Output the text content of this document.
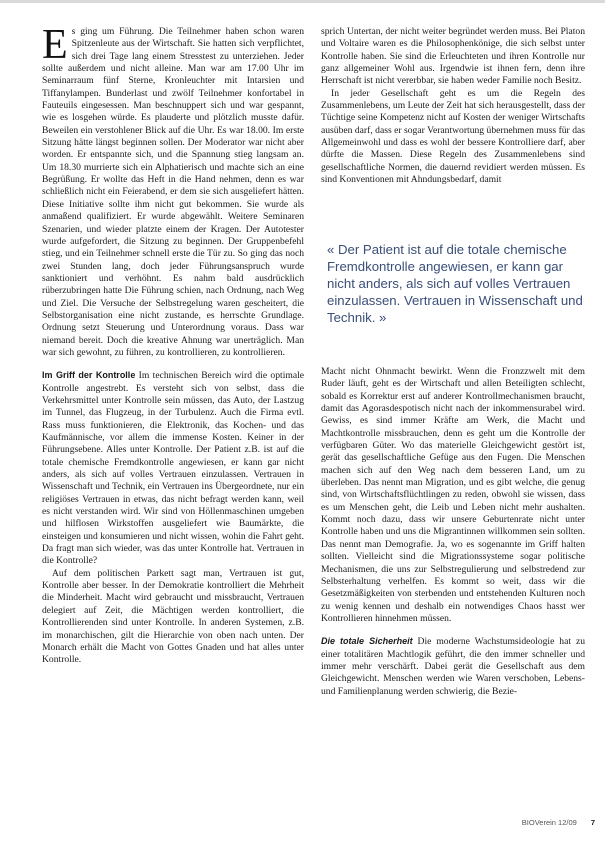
Es ging um Führung. Die Teilnehmer haben schon waren Spitzenleute aus der Wirtschaft. Sie hatten sich verpflichtet, sich drei Tage lang einem Stresstest zu unterziehen. Jeder sollte außerdem und nicht alleine. Man war am 17.00 Uhr im Seminarraum fünf Sterne, Kronleuchter mit Intarsien und Tiffanylampen. Bunderlast und zwölf Teilnehmer konfortabel in Fauteuils eingesessen. Man beschnuppert sich und war gespannt, wie es losgehen würde. Es plauderte und plötzlich musste dafür. Beweilen ein verstohlener Blick auf die Uhr. Es war 18.00. Im erste Sitzung hätte längst beginnen sollen. Der Moderator war nicht aber worden. Er entspannte sich, und die Spannung stieg langsam an. Um 18.30 murrierte sich ein Alphatierisch und machte sich an eine Begrüßung. Er wollte das Heft in die Hand nehmen, denn es war schließlich nicht ein Feierabend, er dem sie sich ausgeliefert hätten. Diese Initiative sollte ihm nicht gut bekommen. Sie wurde als anmaßend qualifiziert. Er wurde abgewählt. Weitere Seminaren Szenarien, und wieder platzte einem der Kragen. Der Autotester wurde aufgefordert, die Sitzung zu beginnen. Der Gruppenbefehl stieg, und ein Teilnehmer schnell erste die Tür zu. So ging das noch zwei Stunden lang, doch jeder Führungsanspruch wurde sanktioniert und verhöhnt. Es nahm bald ausdrücklich rüberzubringen hatte Die Führung schien, nach Ordnung, nach Weg und Ziel. Die Versuche der Selbstregelung waren gescheitert, die Selbstorganisation eine nicht zustande, es herrschte Grundlage. Ordnung setzt Steuerung und Unterordnung voraus. Dass war niemand bereit. Doch die kreative Ahnung war unerträglich. Man war sich gewohnt, zu führen, zu kontrollieren, zu kontrollieren.

Im Griff der Kontrolle Im technischen Bereich wird die optimale Kontrolle angestrebt. Es versteht sich von selbst, dass die Verkehrsmittel unter Kontrolle sein müssen, das Auto, der Lastzug im Tunnel, das Flugzeug, in der Turbulenz. Auch die Firma evtl. Rass muss funktionieren, die Elektronik, das Kochen- und das Kaufmännische, vor allem die immense Kosten. Keiner in der Führungsebene. Alles unter Kontrolle. Der Patient z.B. ist auf die totale chemische Fremdkontrolle angewiesen, er kann gar nicht anders, als sich auf volles Vertrauen einzulassen. Vertrauen in Wissenschaft und Technik, ein Vertrauen ins Übergeordnete, nur ein religiöses Vertrauen in etwas, das nicht befragt werden kann, weil es nicht verstanden wird. Wir sind von Höllenmaschinen umgeben und hilflosen Wirkstoffen ausgeliefert wie Baumärkte, die einsteigen und konsumieren und nicht wissen, wohin die Fahrt geht. Da fragt man sich wieder, was das unter Kontrolle hat. Vertrauen in die Kontrolle?

Auf dem politischen Parkett sagt man, Vertrauen ist gut, Kontrolle aber besser. In der Demokratie kontrolliert die Mehrheit die Minderheit. Macht wird gebraucht und missbraucht, Vertrauen delegiert auf Zeit, die Mächtigen werden kontrolliert, die Kontrollierenden sind unter Kontrolle. In anderen Systemen, z.B. im monarchischen, gilt die Hierarchie von oben nach unten. Der Monarch erhält die Macht von Gottes Gnaden und hat alles unter Kontrolle.

sprich Untertan, der nicht weiter begründet werden muss. Bei Platon und Voltaire waren es die Philosophenkönige, die sich selbst unter Kontrolle haben. Sie sind die Erleuchteten und ihren Kontrolle nur ganz allgemeiner Wohl aus. Irgendwie ist ihnen fern, denn ihre Herrschaft ist nicht vererbbar, sie haben weder Familie noch Besitz.

In jeder Gesellschaft geht es um die Regeln des Zusammenlebens, um Leute der Zeit hat sich herausgestellt, dass der Tüchtige seine Kompetenz nicht auf Kosten der weniger Wirtschafts ausüben darf, dass er sogar Verantwortung übernehmen muss für das Allgemeinwohl und dass es wohl der bessere Kontrolliere darf, aber dürfte die Massen. Diese Regeln des Zusammenlebens sind gesellschaftliche Normen, die dauernd revidiert werden müssen. Es sind Konventionen mit Ahndungsbedarf, damit

« Der Patient ist auf die totale chemische Fremdkontrolle angewiesen, er kann gar nicht anders, als sich auf volles Vertrauen einzulassen. Vertrauen in Wissenschaft und Technik. »

Macht nicht Ohnmacht bewirkt. Wenn die Fronzzwelt mit dem Ruder läuft, geht es der Wirtschaft und allen Beteiligten schlecht, sobald es Korrektur erst auf anderer Kontrollmechanismen braucht, damit das Agorasdespotisch nicht nach der inkommensurabel wird. Gewiss, es sind immer Kräfte am Werk, die Macht und Machtkontrolle missbrauchen, denn es geht um die Kontrolle der verfügbaren Güter. Wo das materielle Gleichgewicht gestört ist, gerät das gesellschaftliche Gefüge aus den Fugen. Die Menschen machen sich auf den Weg nach dem besseren Land, um zu überleben. Das nennt man Migration, und es gibt welche, die genug sind, von Wirtschaftsflüchtlingen zu reden, obwohl sie wissen, dass es um Menschen geht, die Leib und Leben nicht mehr aushalten. Kommt noch dazu, dass wir unsere Geburtenrate nicht unter Kontrolle haben und uns die Migrantinnen willkommen sein sollten. Das nennt man Demografie. Ja, wo es sogenannte im Griff halten sollten. Vielleicht sind die Migrationssysteme sogar politische Mechanismen, die uns zur Selbstregulierung und selbstredend zur Selbsterhaltung verhelfen. Es kommt so weit, dass wir die Gesetzmäßigkeiten von sterbenden und entstehenden Kulturen noch zu wenig kennen und deshalb ein notwendiges Chaos hasst wer Kontrollieren hinnehmen müssen.

Die totale Sicherheit Die moderne Wachstumsideologie hat zu einer totalitären Machtlogik geführt, die den immer schneller und immer mehr verschärft. Dabei gerät die Gesellschaft aus dem Gleichgewicht. Menschen werden wie Waren verschoben, Lebens- und Familienplanung werden schwierig, die Bezie-

BIOVerein 12/09 7
